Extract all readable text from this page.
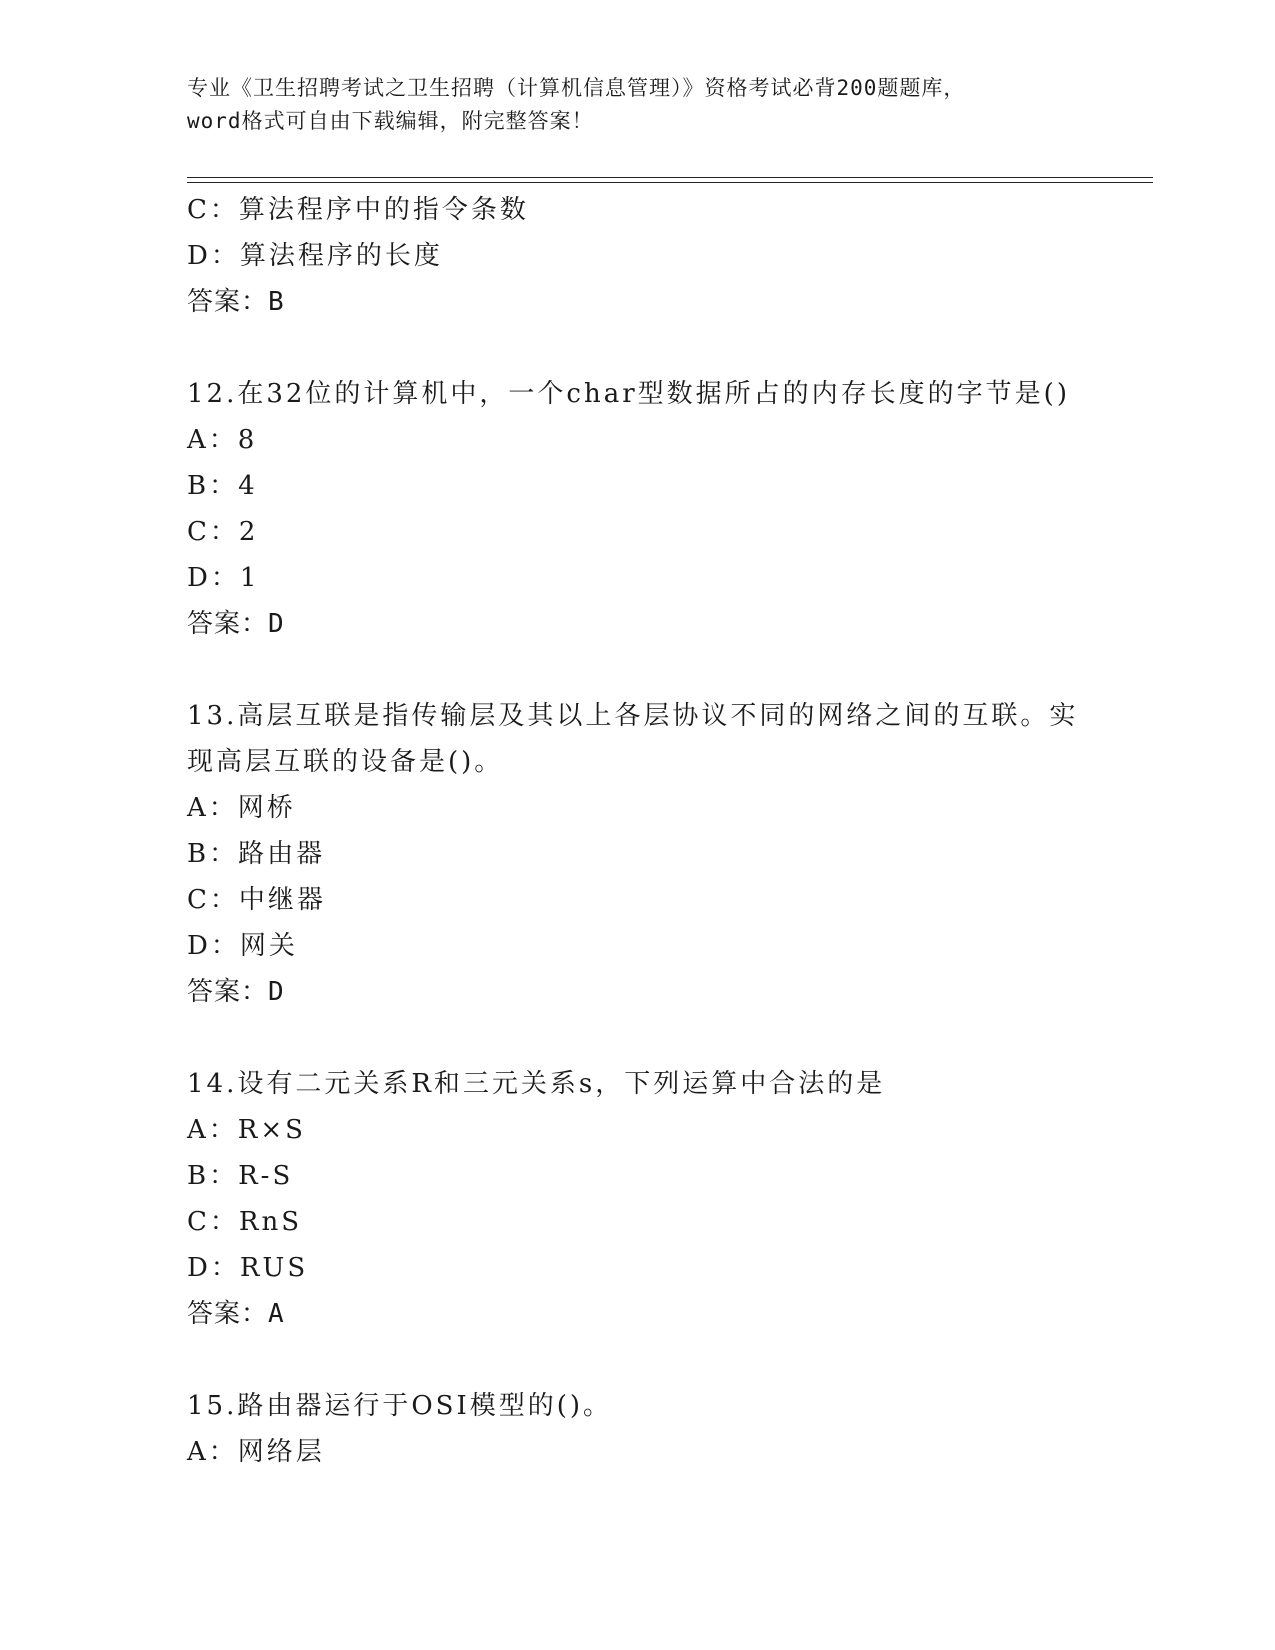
专业《卫生招聘考试之卫生招聘（计算机信息管理）》资格考试必背200题题库，
word格式可自由下载编辑，附完整答案！
C：算法程序中的指令条数
D：算法程序的长度
答案：B
12.在32位的计算机中，一个char型数据所占的内存长度的字节是()
A：8
B：4
C：2
D：1
答案：D
13.高层互联是指传输层及其以上各层协议不同的网络之间的互联。实
现高层互联的设备是()。
A：网桥
B：路由器
C：中继器
D：网关
答案：D
14.设有二元关系R和三元关系s，下列运算中合法的是
A：R×S
B：R-S
C：RnS
D：RUS
答案：A
15.路由器运行于OSI模型的()。
A：网络层
